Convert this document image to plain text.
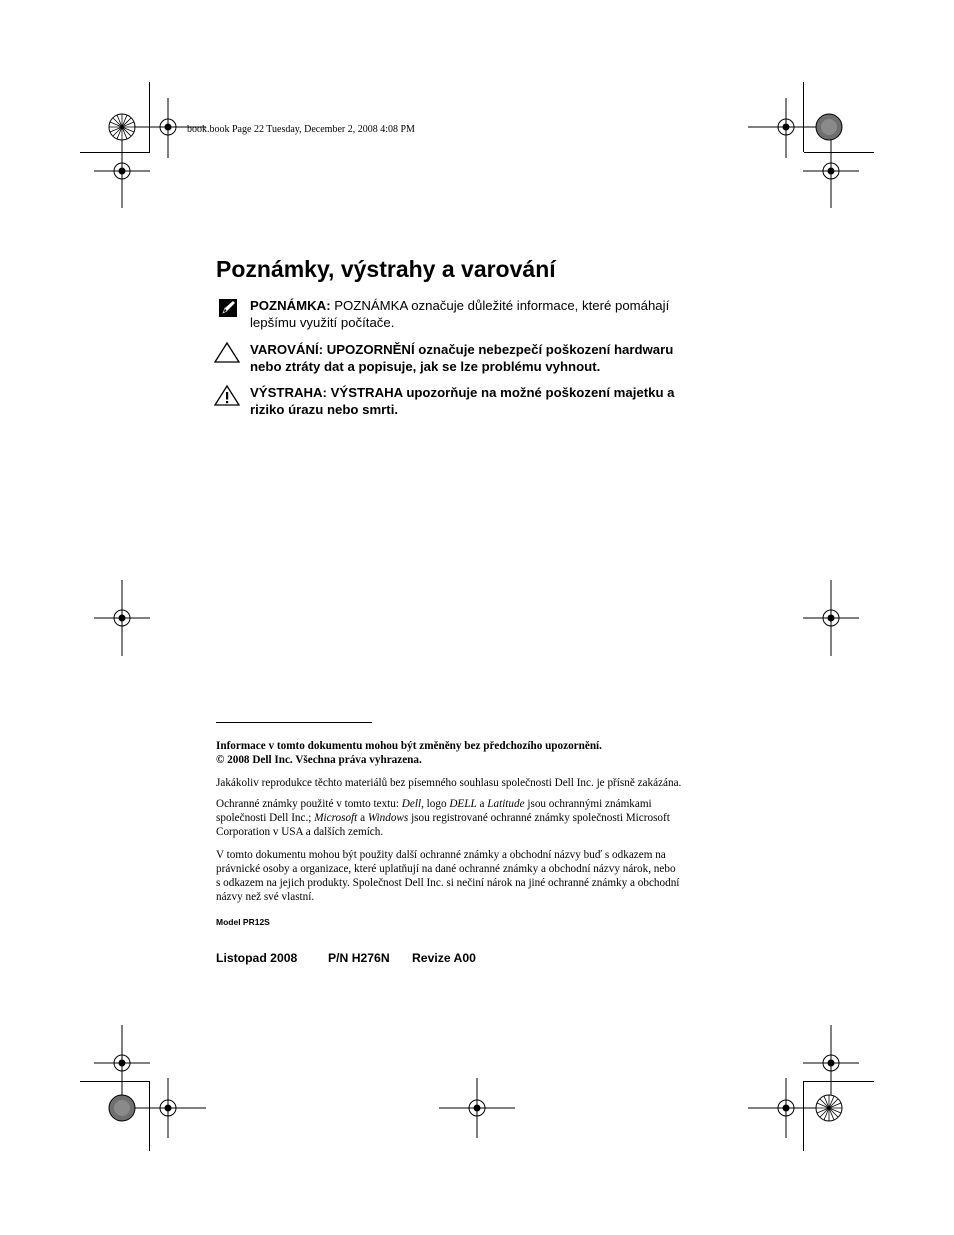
book.book Page 22 Tuesday, December 2, 2008 4:08 PM
Poznámky, výstrahy a varování
POZNÁMKA: POZNÁMKA označuje důležité informace, které pomáhají
lepšímu využití počítače.
VAROVÁNÍ: UPOZORNĚNÍ označuje nebezpečí poškození hardwaru
nebo ztráty dat a popisuje, jak se lze problému vyhnout.
VÝSTRAHA: VÝSTRAHA upozorňuje na možné poškození majetku a
riziko úrazu nebo smrti.
Informace v tomto dokumentu mohou být změněny bez předchozího upozornění.
© 2008 Dell Inc. Všechna práva vyhrazena.
Jakákoliv reprodukce těchto materiálů bez písemného souhlasu společnosti Dell Inc. je přísně zakázána.
Ochranné známky použité v tomto textu: Dell, logo DELL a Latitude jsou ochrannými známkami
společnosti Dell Inc.; Microsoft a Windows jsou registrované ochranné známky společnosti Microsoft
Corporation v USA a dalších zemích.
V tomto dokumentu mohou být použity další ochranné známky a obchodní názvy buď s odkazem na
právnické osoby a organizace, které uplatňují na dané ochranné známky a obchodní názvy nárok, nebo
s odkazem na jejich produkty. Společnost Dell Inc. si nečiní nárok na jiné ochranné známky a obchodní
názvy než své vlastní.
Model PR12S
Listopad 2008	P/N H276N Revize A00
